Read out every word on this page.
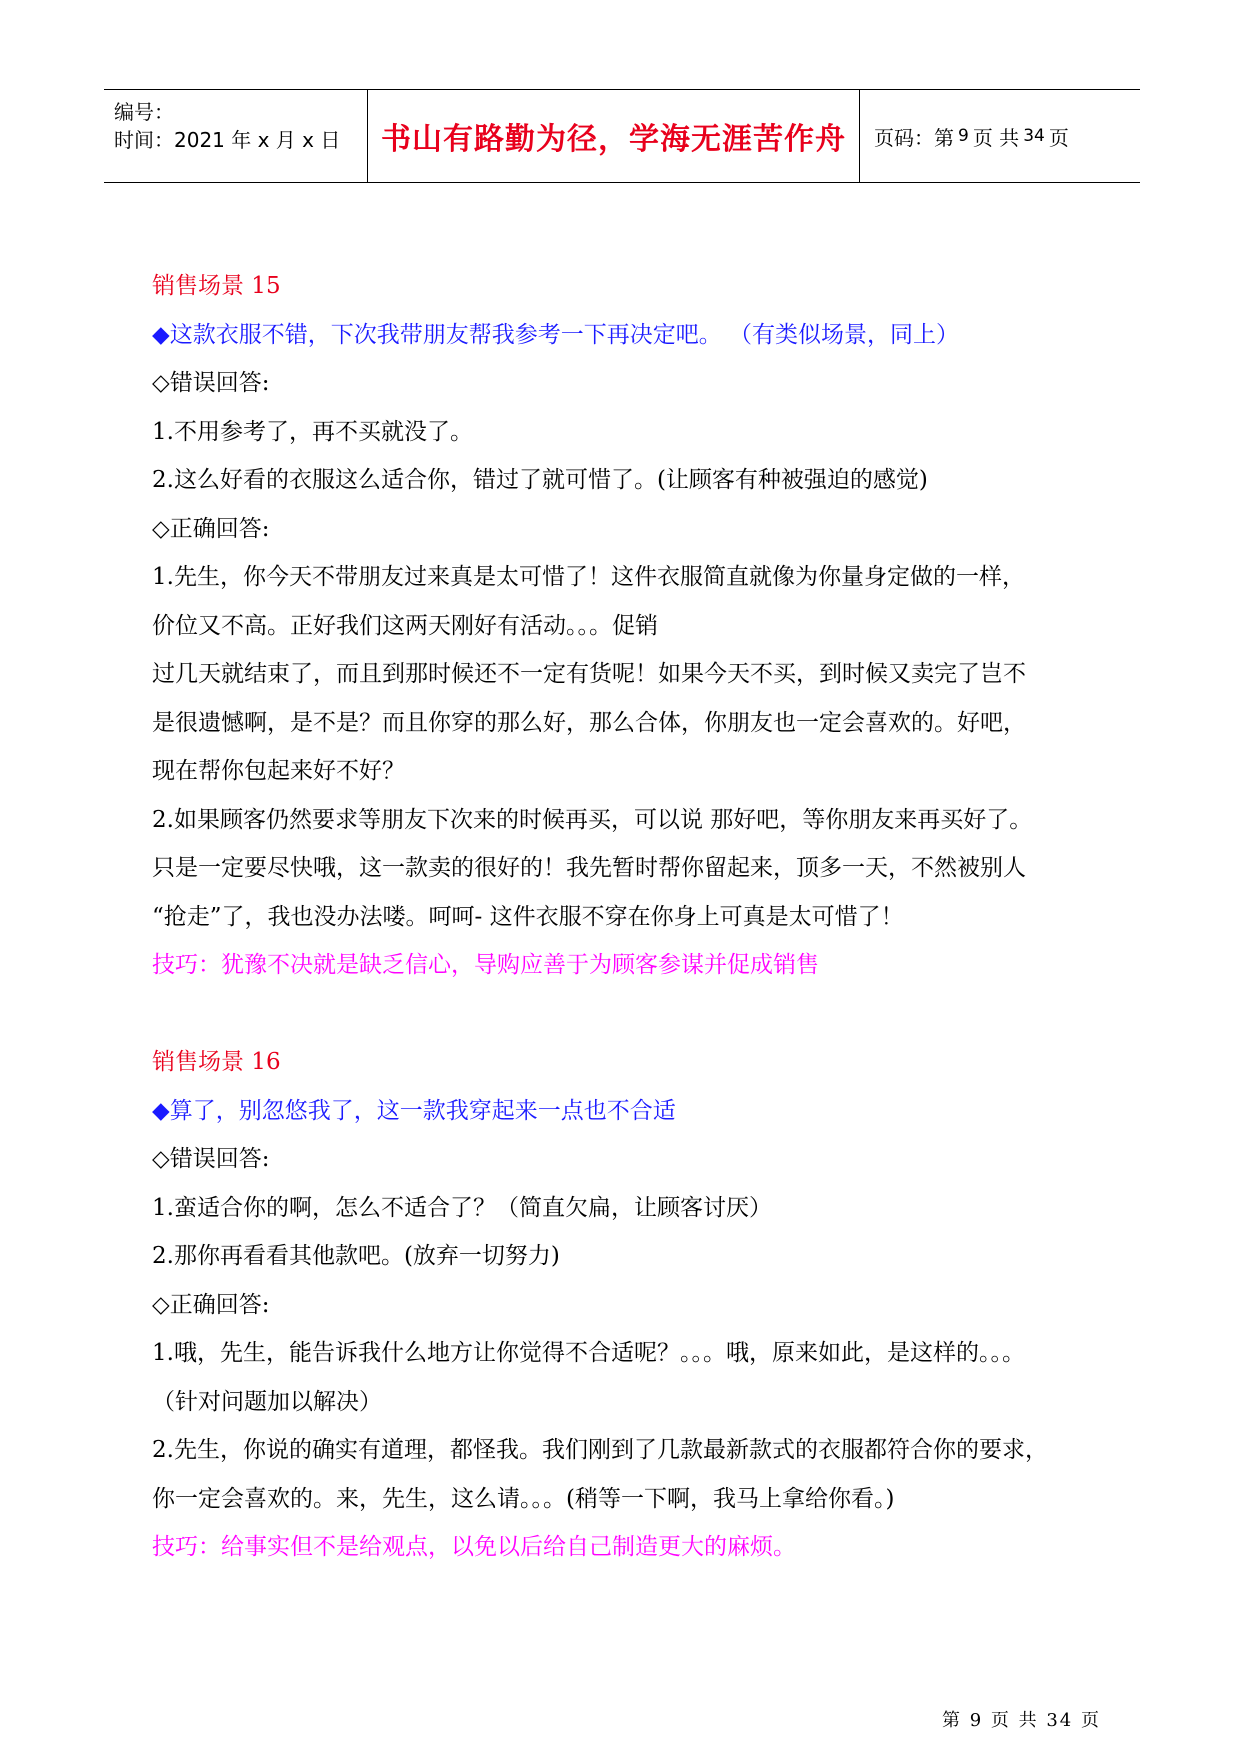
编号：
时间：2021 年 x 月 x 日	书山有路勤为径，学海无涯苦作舟	页码：第 9 页 共 34 页
销售场景 15
◆这款衣服不错，下次我带朋友帮我参考一下再决定吧。 （有类似场景，同上）
◇错误回答:
1.不用参考了，再不买就没了。
2.这么好看的衣服这么适合你，错过了就可惜了。(让顾客有种被强迫的感觉)
◇正确回答:
1.先生，你今天不带朋友过来真是太可惜了！这件衣服简直就像为你量身定做的一样，
价位又不高。正好我们这两天刚好有活动。。。促销
过几天就结束了，而且到那时候还不一定有货呢！如果今天不买，到时候又卖完了岂不
是很遗憾啊，是不是？而且你穿的那么好，那么合体，你朋友也一定会喜欢的。好吧，
现在帮你包起来好不好？
2.如果顾客仍然要求等朋友下次来的时候再买，可以说 那好吧，等你朋友来再买好了。
只是一定要尽快哦，这一款卖的很好的！我先暂时帮你留起来，顶多一天，不然被别人
“抢走”了，我也没办法喽。呵呵- 这件衣服不穿在你身上可真是太可惜了！
技巧：犹豫不决就是缺乏信心，导购应善于为顾客参谋并促成销售
销售场景 16
◆算了，别忽悠我了，这一款我穿起来一点也不合适
◇错误回答:
1.蛮适合你的啊，怎么不适合了？（简直欠扁，让顾客讨厌）
2.那你再看看其他款吧。(放弃一切努力)
◇正确回答:
1.哦，先生，能告诉我什么地方让你觉得不合适呢？。。。哦，原来如此，是这样的。。。
（针对问题加以解决）
2.先生，你说的确实有道理，都怪我。我们刚到了几款最新款式的衣服都符合你的要求，
你一定会喜欢的。来，先生，这么请。。。(稍等一下啊，我马上拿给你看。)
技巧：给事实但不是给观点，以免以后给自己制造更大的麻烦。
第 9 页 共 34 页
